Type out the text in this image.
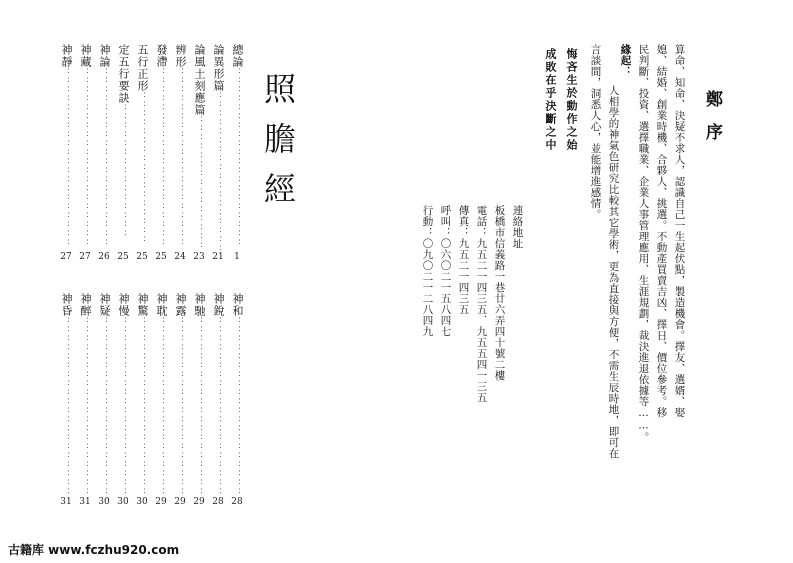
照膽經
總論：：：：：：：：：：：：：：：：：：：：
1
論異形篇：：：：：：：：：：：：：：：：：：
21
論風土刻應篇：：：：：：：：：：：：：：：
23
辨形：：：：：：：：：：：：：：：：：：：：
24
發滯：：：：：：：：：：：：：：：：：：：：
25
五行正形：：：：：：：：：：：：：：：：：
25
定五行要訣：：：：：：：：：：：：：：：
25
神論：：：：：：：：：：：：：：：：：：：：
26
神藏：：：：：：：：：：：：：：：：：：：：
27
神靜：：：：：：：：：：：：：：：：：：：：
27
神和：：：：：：：：：：：：：：：：：：：：
28
神銳：：：：：：：：：：：：：：：：：：：：
28
神馳：：：：：：：：：：：：：：：：：：：：
29
神露：：：：：：：：：：：：：：：：：：：：
29
神耽：：：：：：：：：：：：：：：：：：：：
29
神驚：：：：：：：：：：：：：：：：：：：：
30
神慢：：：：：：：：：：：：：：：：：：：：
30
神疑：：：：：：：：：：：：：：：：：：：：
30
神醉：：：：：：：：：：：：：：：：：：：：
31
神昏：：：：：：：：：：：：：：：：：：：：
31
鄭序
算命、知命、決疑不求人，認識自己一生起伏點，製造機會。擇友、選婿、娶
媳、結婚、創業時機、合夥人、挑選。不動產買賣吉凶、擇日、價位參考。移
民判斷、投資、選擇職業、企業人事管理應用、生涯規劃，裁決進退依據等……。
緣起：
人相學的神氣色研究比較其它學術，更為直接與方便，不需生辰時地，即可在
言談間，洞悉人心，並能增進感情。
悔吝生於動作之始
成敗在乎決斷之中
連絡地址
板橋市信義路一巷廿六弄四十號二樓
電話：九五二一四三五．九五五四一三五
傳真：九五二一四三五
呼叫：〇六〇二一五八四七
行動：〇九〇二一二八四九
古籍库 www.fczhu920.com
